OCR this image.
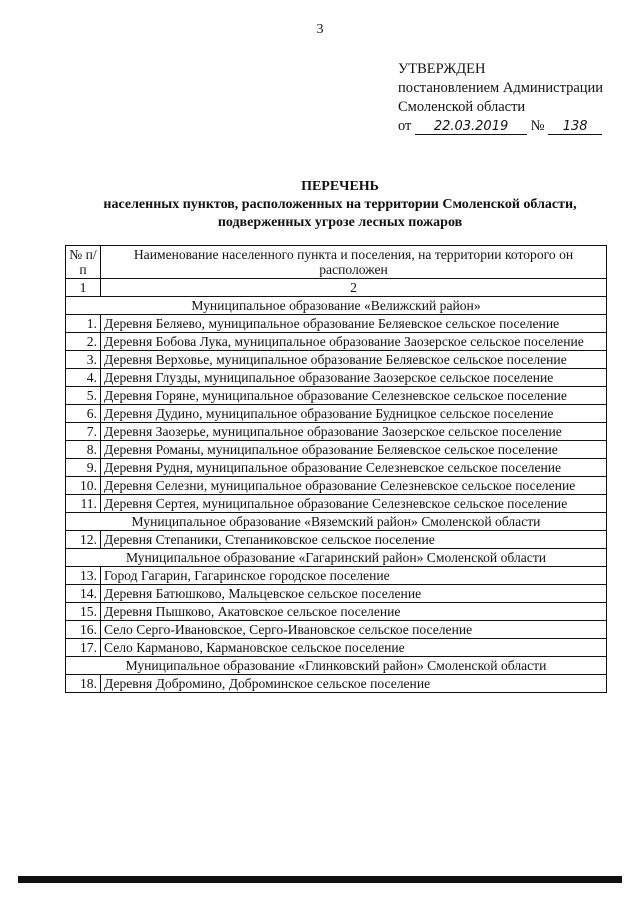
3
УТВЕРЖДЕН
постановлением Администрации
Смоленской области
от 22.03.2019 № 138
ПЕРЕЧЕНЬ
населенных пунктов, расположенных на территории Смоленской области,
подверженных угрозе лесных пожаров
№ п/п	Наименование населенного пункта и поселения, на территории которого он расположен
1	2
Муниципальное образование «Велижский район»	
1.	Деревня Беляево, муниципальное образование Беляевское сельское поселение
2.	Деревня Бобова Лука, муниципальное образование Заозерское сельское поселение
3.	Деревня Верховье, муниципальное образование Беляевское сельское поселение
4.	Деревня Глузды, муниципальное образование Заозерское сельское поселение
5.	Деревня Горяне, муниципальное образование Селезневское сельское поселение
6.	Деревня Дудино, муниципальное образование Будницкое сельское поселение
7.	Деревня Заозерье, муниципальное образование Заозерское сельское поселение
8.	Деревня Романы, муниципальное образование Беляевское сельское поселение
9.	Деревня Рудня, муниципальное образование Селезневское сельское поселение
10.	Деревня Селезни, муниципальное образование Селезневское сельское поселение
11.	Деревня Сертея, муниципальное образование Селезневское сельское поселение
Муниципальное образование «Вяземский район» Смоленской области	
12.	Деревня Степаники, Степаниковское сельское поселение
Муниципальное образование «Гагаринский район» Смоленской области	
13.	Город Гагарин, Гагаринское городское поселение
14.	Деревня Батюшково, Мальцевское сельское поселение
15.	Деревня Пышково, Акатовское сельское поселение
16.	Село Серго-Ивановское, Серго-Ивановское сельское поселение
17.	Село Карманово, Кармановское сельское поселение
Муниципальное образование «Глинковский район» Смоленской области	
18.	Деревня Добромино, Доброминское сельское поселение
